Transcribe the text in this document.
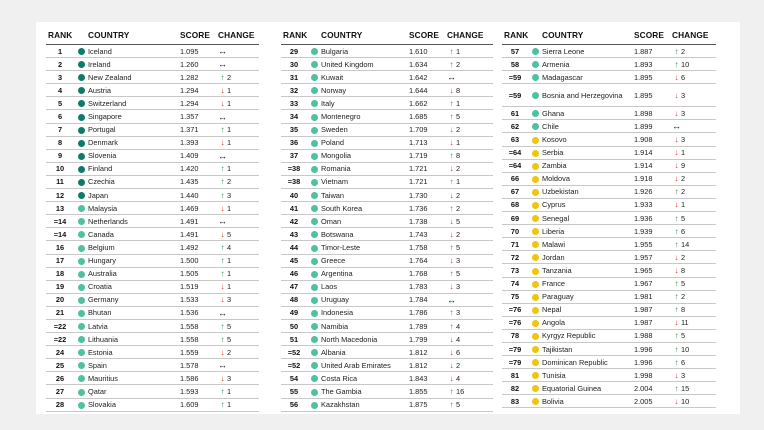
RANK		COUNTRY	SCORE	CHANGE
1		Iceland	1.095	↔
2		Ireland	1.260	↔
3		New Zealand	1.282	↑ 2
4		Austria	1.294	↓ 1
5		Switzerland	1.294	↓ 1
6		Singapore	1.357	↔
7		Portugal	1.371	↑ 1
8		Denmark	1.393	↓ 1
9		Slovenia	1.409	↔
10		Finland	1.420	↑ 1
11		Czechia	1.435	↑ 2
12		Japan	1.440	↑ 3
13		Malaysia	1.469	↓ 1
=14		Netherlands	1.491	↔
=14		Canada	1.491	↓ 5
16		Belgium	1.492	↑ 4
17		Hungary	1.500	↑ 1
18		Australia	1.505	↑ 1
19		Croatia	1.519	↓ 1
20		Germany	1.533	↓ 3
21		Bhutan	1.536	↔
=22		Latvia	1.558	↑ 5
=22		Lithuania	1.558	↑ 5
24		Estonia	1.559	↓ 2
25		Spain	1.578	↔
26		Mauritius	1.586	↓ 3
27		Qatar	1.593	↑ 1
28		Slovakia	1.609	↑ 1
RANK		COUNTRY	SCORE	CHANGE
29		Bulgaria	1.610	↑ 1
30		United Kingdom	1.634	↑ 2
31		Kuwait	1.642	↔
32		Norway	1.644	↓ 8
33		Italy	1.662	↑ 1
34		Montenegro	1.685	↑ 5
35		Sweden	1.709	↓ 2
36		Poland	1.713	↓ 1
37		Mongolia	1.719	↑ 8
=38		Romania	1.721	↓ 2
=38		Vietnam	1.721	↑ 1
40		Taiwan	1.730	↓ 2
41		South Korea	1.736	↑ 2
42		Oman	1.738	↓ 5
43		Botswana	1.743	↓ 2
44		Timor-Leste	1.758	↑ 5
45		Greece	1.764	↓ 3
46		Argentina	1.768	↑ 5
47		Laos	1.783	↓ 3
48		Uruguay	1.784	↔
49		Indonesia	1.786	↑ 3
50		Namibia	1.789	↑ 4
51		North Macedonia	1.799	↓ 4
=52		Albania	1.812	↓ 6
=52		United Arab Emirates	1.812	↓ 2
54		Costa Rica	1.843	↓ 4
55		The Gambia	1.855	↑ 16
56		Kazakhstan	1.875	↑ 5
RANK		COUNTRY	SCORE	CHANGE
57		Sierra Leone	1.887	↑ 2
58		Armenia	1.893	↑ 10
=59		Madagascar	1.895	↓ 6
=59		Bosnia and Herzegovina	1.895	↓ 3
61		Ghana	1.898	↓ 3
62		Chile	1.899	↔
63		Kosovo	1.908	↓ 3
=64		Serbia	1.914	↓ 1
=64		Zambia	1.914	↓ 9
66		Moldova	1.918	↓ 2
67		Uzbekistan	1.926	↑ 2
68		Cyprus	1.933	↓ 1
69		Senegal	1.936	↑ 5
70		Liberia	1.939	↑ 6
71		Malawi	1.955	↑ 14
72		Jordan	1.957	↓ 2
73		Tanzania	1.965	↓ 8
74		France	1.967	↑ 5
75		Paraguay	1.981	↑ 2
=76		Nepal	1.987	↑ 8
=76		Angola	1.987	↓ 11
78		Kyrgyz Republic	1.988	↑ 5
=79		Tajikistan	1.996	↑ 10
=79		Dominican Republic	1.996	↑ 6
81		Tunisia	1.998	↓ 3
82		Equatorial Guinea	2.004	↑ 15
83		Bolivia	2.005	↓ 10
